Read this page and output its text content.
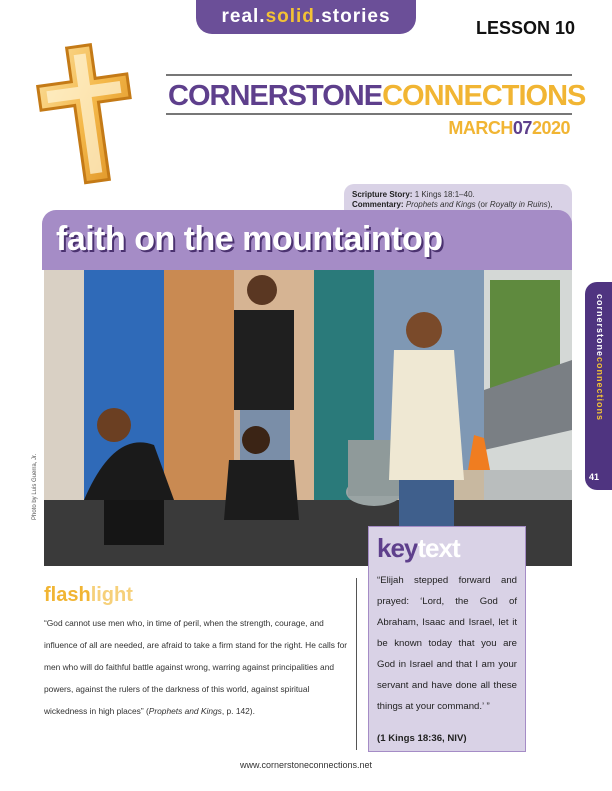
real . solid . stories
LESSON 10
CORNERSTONECONNECTIONS
MARCH072020
Scripture Story: 1 Kings 18:1–40.
Commentary: Prophets and Kings (or Royalty in Ruins),
faith on the mountaintop
Photo by Luis Guerra, Jr.
cornerstoneconnections
41
flashlight
“God cannot use men who, in time of peril, when the strength, courage, and influence of all are needed, are afraid to take a firm stand for the right. He calls for men who will do faithful battle against wrong, warring against principalities and powers, against the rulers of the darkness of this world, against spiritual wickedness in high places” (Prophets and Kings, p. 142).
keytext
“Elijah stepped forward and prayed: ‘Lord, the God of Abraham, Isaac and Israel, let it be known today that you are God in Israel and that I am your servant and have done all these things at your command.’ ”
(1 Kings 18:36, NIV)
www.cornerstoneconnections.net
